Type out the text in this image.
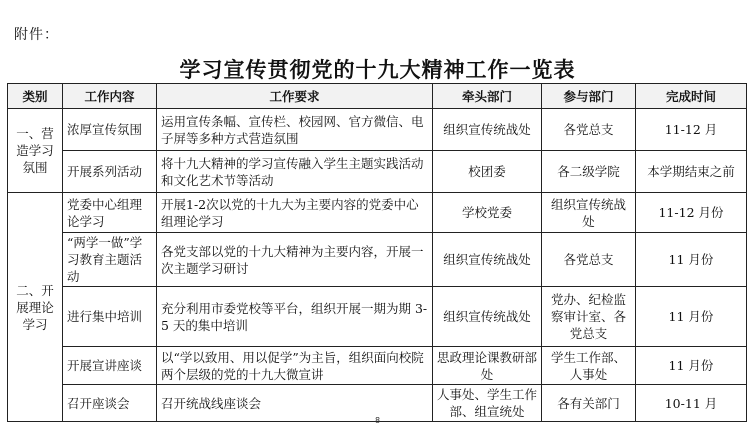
附件：
学习宣传贯彻党的十九大精神工作一览表
类别	工作内容	工作要求	牵头部门	参与部门	完成时间
一、营造学习氛围	浓厚宣传氛围	运用宣传条幅、宣传栏、校园网、官方微信、电子屏等多种方式营造氛围	组织宣传统战处	各党总支	11-12 月
	开展系列活动	将十九大精神的学习宣传融入学生主题实践活动和文化艺术节等活动	校团委	各二级学院	本学期结束之前
二、开展理论学习	党委中心组理论学习	开展1-2次以党的十九大为主要内容的党委中心组理论学习	学校党委	组织宣传统战处	11-12 月份
	“两学一做”学习教育主题活动	各党支部以党的十九大精神为主要内容，开展一次主题学习研讨	组织宣传统战处	各党总支	11 月份
	进行集中培训	充分利用市委党校等平台，组织开展一期为期 3-5 天的集中培训	组织宣传统战处	党办、纪检监察审计室、各党总支	11 月份
	开展宣讲座谈	以“学以致用、用以促学”为主旨，组织面向校院两个层级的党的十九大微宣讲	思政理论课教研部处	学生工作部、人事处	11 月份
	召开座谈会	召开统战线座谈会	人事处、学生工作部、组宣统处	各有关部门	10-11 月
8
